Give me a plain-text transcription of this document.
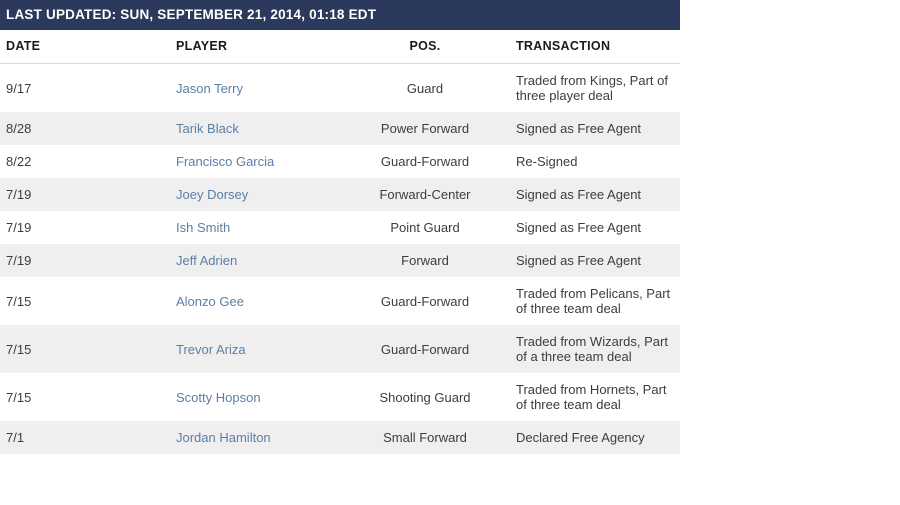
LAST UPDATED: SUN, SEPTEMBER 21, 2014, 01:18 EDT			
DATE	PLAYER	POS.	TRANSACTION
9/17	Jason Terry	Guard	Traded from Kings, Part of three player deal
8/28	Tarik Black	Power Forward	Signed as Free Agent
8/22	Francisco Garcia	Guard-Forward	Re-Signed
7/19	Joey Dorsey	Forward-Center	Signed as Free Agent
7/19	Ish Smith	Point Guard	Signed as Free Agent
7/19	Jeff Adrien	Forward	Signed as Free Agent
7/15	Alonzo Gee	Guard-Forward	Traded from Pelicans, Part of three team deal
7/15	Trevor Ariza	Guard-Forward	Traded from Wizards, Part of a three team deal
7/15	Scotty Hopson	Shooting Guard	Traded from Hornets, Part of three team deal
7/1	Jordan Hamilton	Small Forward	Declared Free Agency
